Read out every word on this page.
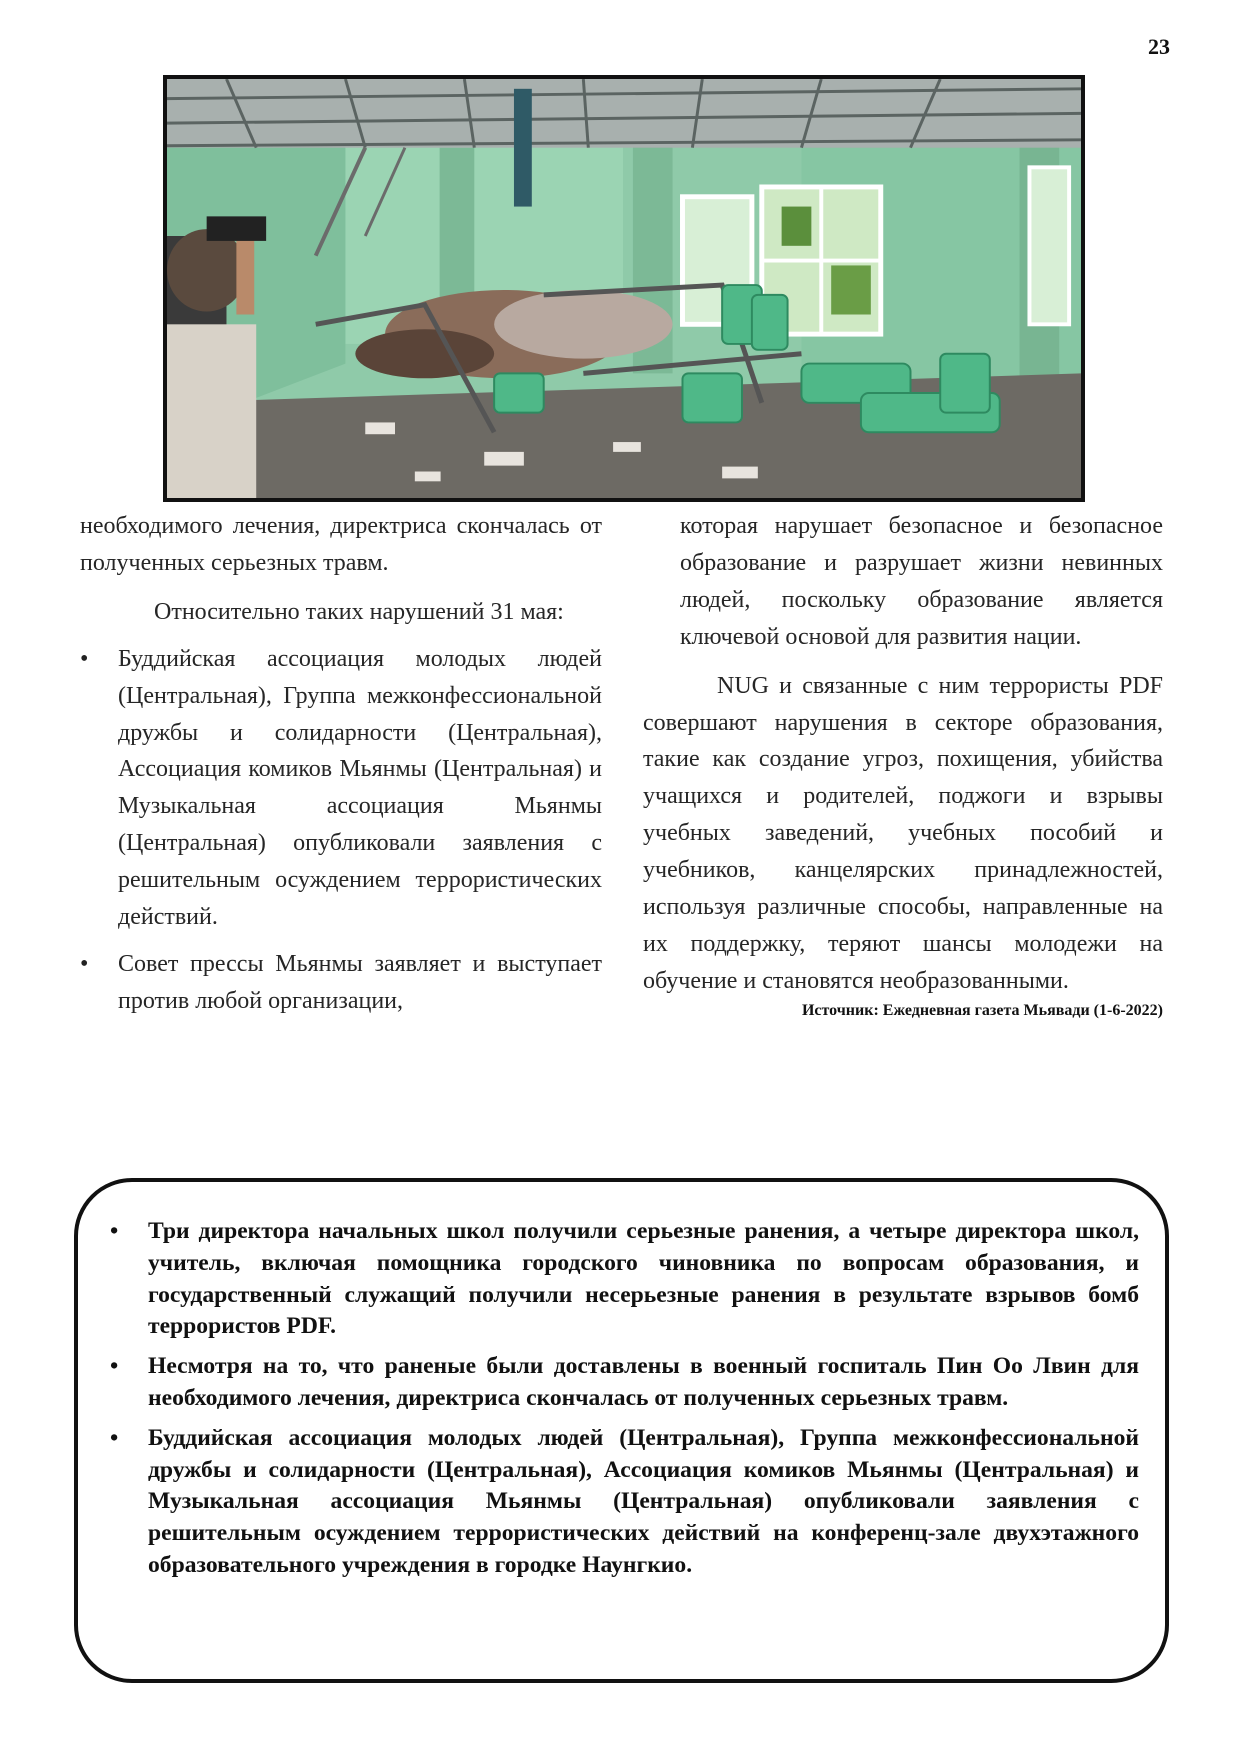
23

необходимого лечения, директриса скончалась от полученных серьезных травм.

Относительно таких нарушений 31 мая:

• Буддийская ассоциация молодых людей (Центральная), Группа межконфессиональной дружбы и солидарности (Центральная), Ассоциация комиков Мьянмы (Центральная) и Музыкальная ассоциация Мьянмы (Центральная) опубликовали заявления с решительным осуждением террористических действий.
• Совет прессы Мьянмы заявляет и выступает против любой организации,

которая нарушает безопасное и безопасное образование и разрушает жизни невинных людей, поскольку образование является ключевой основой для развития нации.

NUG и связанные с ним террористы PDF совершают нарушения в секторе образования, такие как создание угроз, похищения, убийства учащихся и родителей, поджоги и взрывы учебных заведений, учебных пособий и учебников, канцелярских принадлежностей, используя различные способы, направленные на их поддержку, теряют шансы молодежи на обучение и становятся необразованными.

Источник: Ежедневная газета Мьявади (1-6-2022)

• Три директора начальных школ получили серьезные ранения, а четыре директора школ, учитель, включая помощника городского чиновника по вопросам образования, и государственный служащий получили несерьезные ранения в результате взрывов бомб террористов PDF.
• Несмотря на то, что раненые были доставлены в военный госпиталь Пин Оо Лвин для необходимого лечения, директриса скончалась от полученных серьезных травм.
• Буддийская ассоциация молодых людей (Центральная), Группа межконфессиональной дружбы и солидарности (Центральная), Ассоциация комиков Мьянмы (Центральная) и Музыкальная ассоциация Мьянмы (Центральная) опубликовали заявления с решительным осуждением террористических действий на конференц-зале двухэтажного образовательного учреждения в городке Наунгкио.
